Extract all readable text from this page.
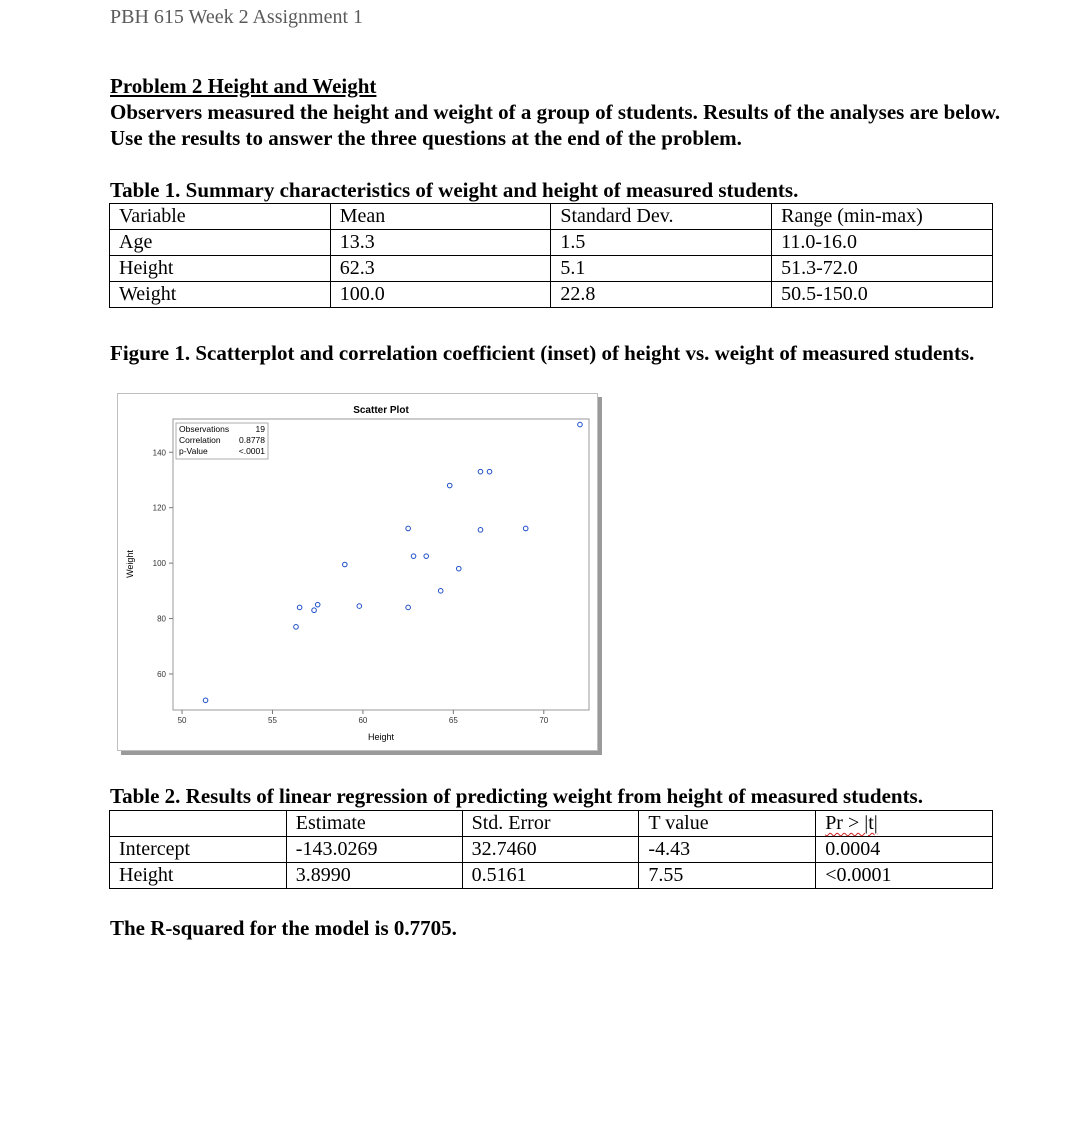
PBH 615 Week 2 Assignment 1
Problem 2 Height and Weight
Observers measured the height and weight of a group of students. Results of the analyses are below. Use the results to answer the three questions at the end of the problem.
Table 1. Summary characteristics of weight and height of measured students.
Variable	Mean	Standard Dev.	Range (min-max)
Age	13.3	1.5	11.0-16.0
Height	62.3	5.1	51.3-72.0
Weight	100.0	22.8	50.5-150.0
Figure 1. Scatterplot and correlation coefficient (inset) of height vs. weight of measured students.
Scatter Plot
Observations
Correlation
p-Value
19
0.8778
<.0001
50	55	60	65	70
60
80
100
120
140
Height
Weight
Table 2. Results of linear regression of predicting weight from height of measured students.
	Estimate	Std. Error	T value	Pr > |t|
Intercept	-143.0269	32.7460	-4.43	0.0004
Height	3.8990	0.5161	7.55	<0.0001
The R-squared for the model is 0.7705.
